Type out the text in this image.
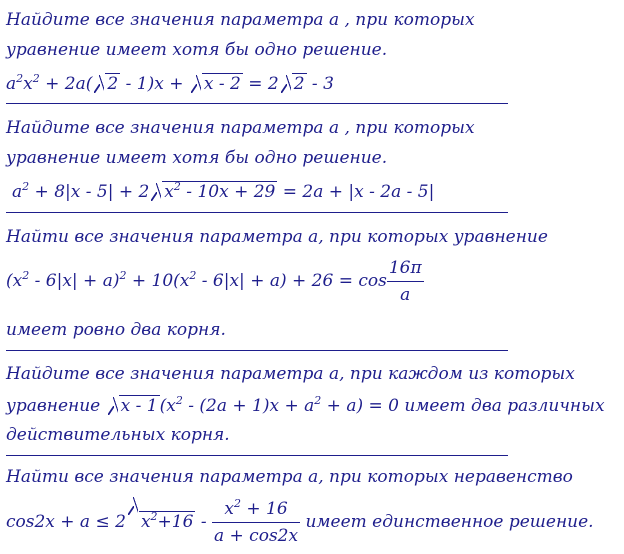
Найдите все значения параметра a , при которых
уравнение имеет хотя бы одно решение.
$a^2x^2 + 2a$( 2 - 1)x + x - 2 = 2 2 - 3
Найдите все значения параметра a , при которых
уравнение имеет хотя бы одно решение.
$a^2 + 8|x - 5| + 2$ $x^2 - 10x + 29 = 2a + |x - 2a - 5|$
Найти все значения параметра a, при которых уравнение
$(x^2 - 6|x| + a)^2 + 10(x^2 - 6|x| + a) + 26 = \cos \frac{16\pi}{a}$
имеет ровно два корня.
Найдите все значения параметра a, при каждом из которых
уравнение x - 1 $(x^2 - (2a + 1)x + a^2 + a) = 0$ имеет два различных
действительных корня.
Найти все значения параметра a, при которых неравенство
cos2x + a ≤ 2 $x^2+16 - \frac{x^2 + 16}{a + \cos 2x}$ имеет единственное решение.
